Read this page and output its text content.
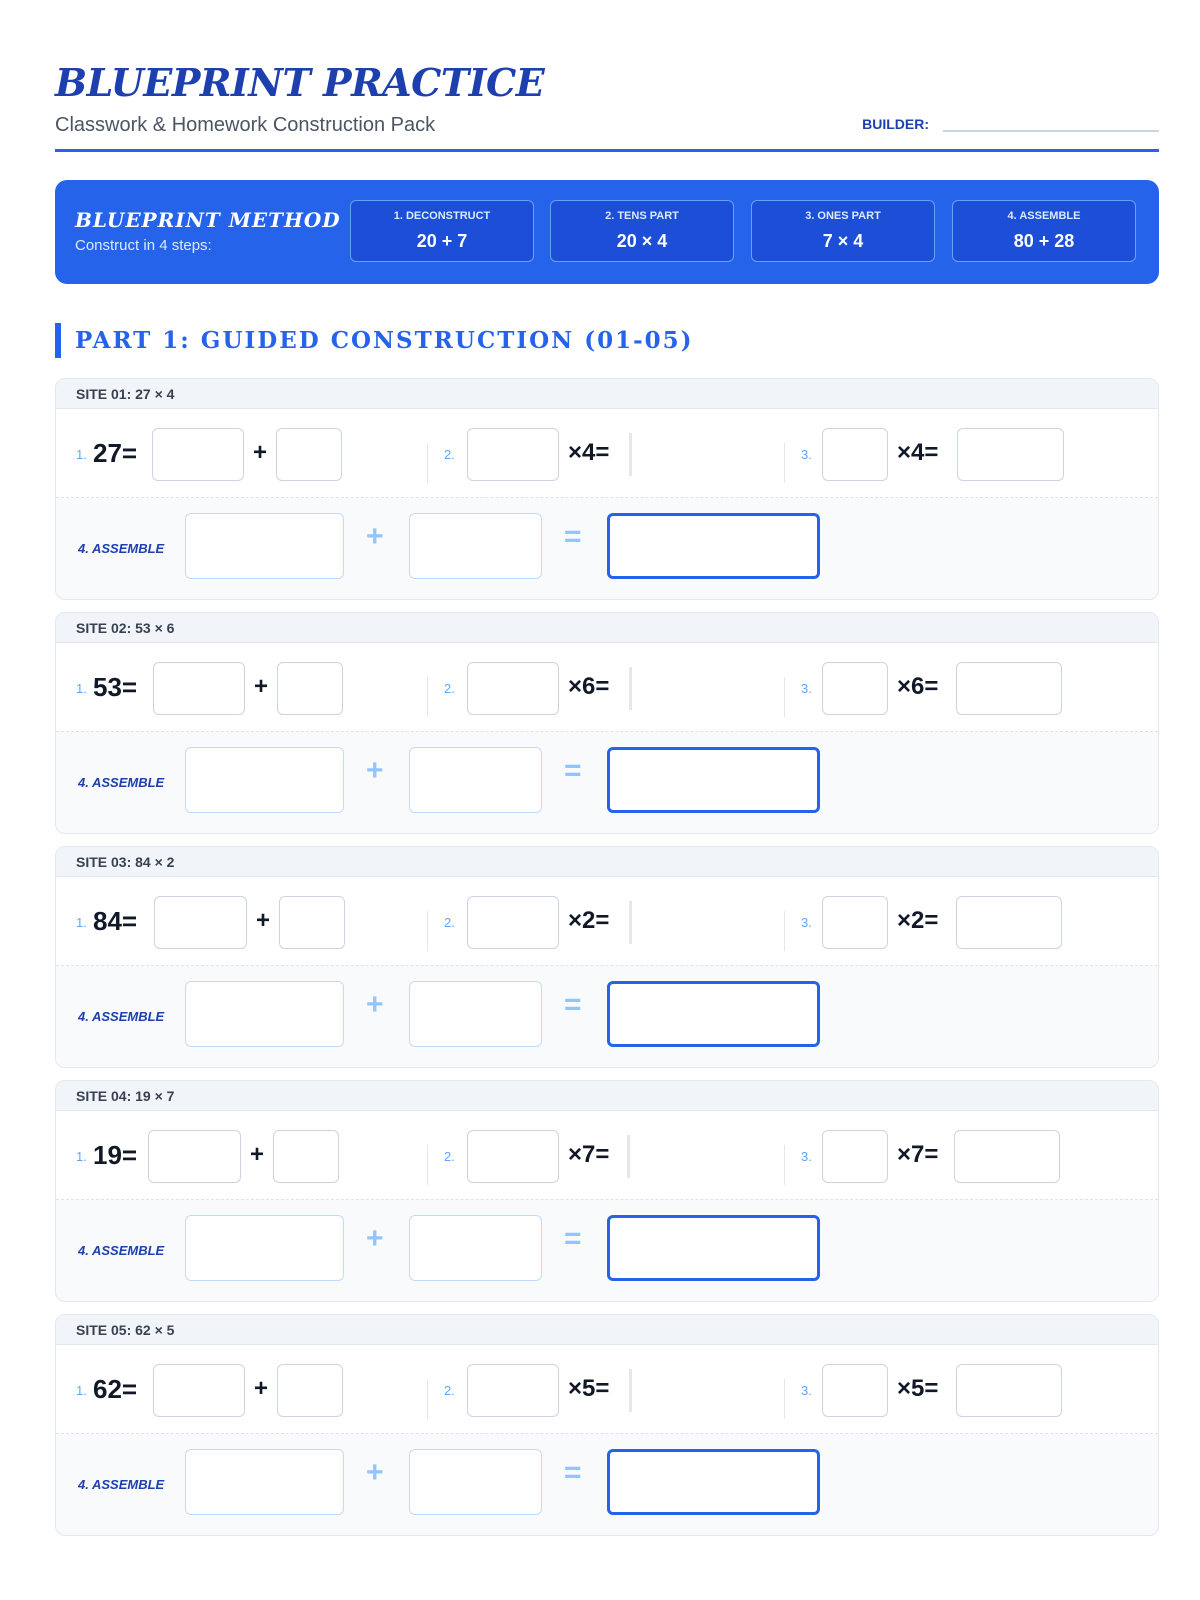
BLUEPRINT PRACTICE
Classwork & Homework Construction Pack	BUILDER:
BLUEPRINT METHOD
Construct in 4 steps:
1. DECONSTRUCT
20 + 7
2. TENS PART
20 × 4
3. ONES PART
7 × 4
4. ASSEMBLE
80 + 28
PART 1: GUIDED CONSTRUCTION (01-05)
SITE 01: 27 × 4
1. 27=	+	2.	×4=	3.	×4=
4. ASSEMBLE	+	=
SITE 02: 53 × 6
1. 53=	+	2.	×6=	3.	×6=
4. ASSEMBLE	+	=
SITE 03: 84 × 2
1. 84=	+	2.	×2=	3.	×2=
4. ASSEMBLE	+	=
SITE 04: 19 × 7
1. 19=	+	2.	×7=	3.	×7=
4. ASSEMBLE	+	=
SITE 05: 62 × 5
1. 62=	+	2.	×5=	3.	×5=
4. ASSEMBLE	+	=
